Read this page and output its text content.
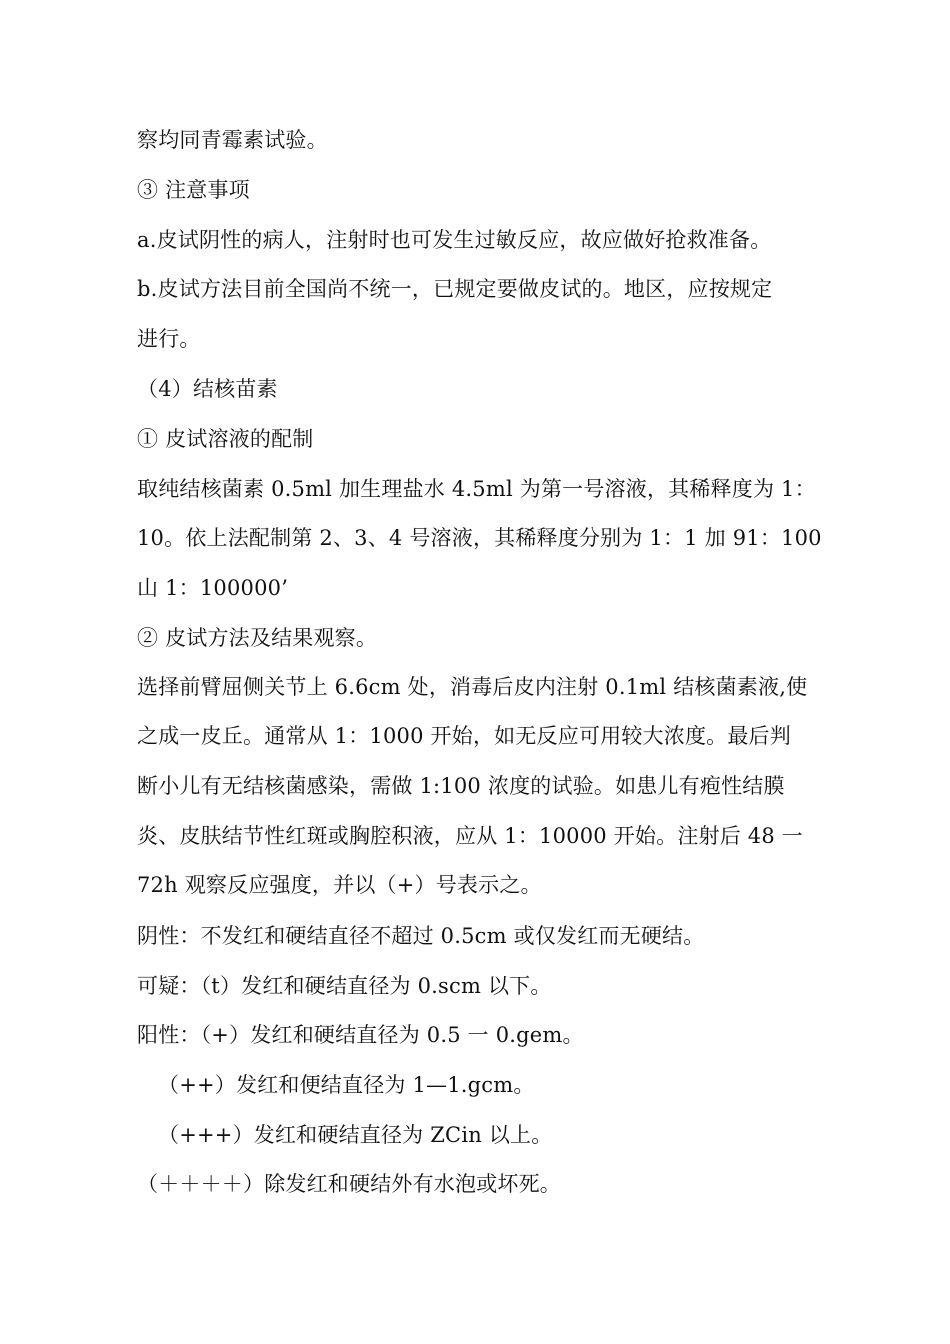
察均同青霉素试验。
③ 注意事项
a.皮试阴性的病人，注射时也可发生过敏反应，故应做好抢救准备。
b.皮试方法目前全国尚不统一，已规定要做皮试的。地区，应按规定
进行。
（4）结核苗素
① 皮试溶液的配制
取纯结核菌素 0.5ml 加生理盐水 4.5ml 为第一号溶液，其稀释度为 1：
10。依上法配制第 2、3、4 号溶液，其稀释度分别为 1：1 加 91：100
山 1：100000’
② 皮试方法及结果观察。
选择前臂屈侧关节上 6.6cm 处，消毒后皮内注射 0.1ml 结核菌素液,使
之成一皮丘。通常从 1：1000 开始，如无反应可用较大浓度。最后判
断小儿有无结核菌感染，需做 1:100 浓度的试验。如患儿有疱性结膜
炎、皮肤结节性红斑或胸腔积液，应从 1：10000 开始。注射后 48 一
72h 观察反应强度，并以（+）号表示之。
阴性：不发红和硬结直径不超过 0.5cm 或仅发红而无硬结。
可疑：（t）发红和硬结直径为 0.scm 以下。
阳性：（+）发红和硬结直径为 0.5 一 0.gem。
（++）发红和便结直径为 1—1.gcm。
（+++）发红和硬结直径为 ZCin 以上。
（＋＋＋＋）除发红和硬结外有水泡或坏死。
